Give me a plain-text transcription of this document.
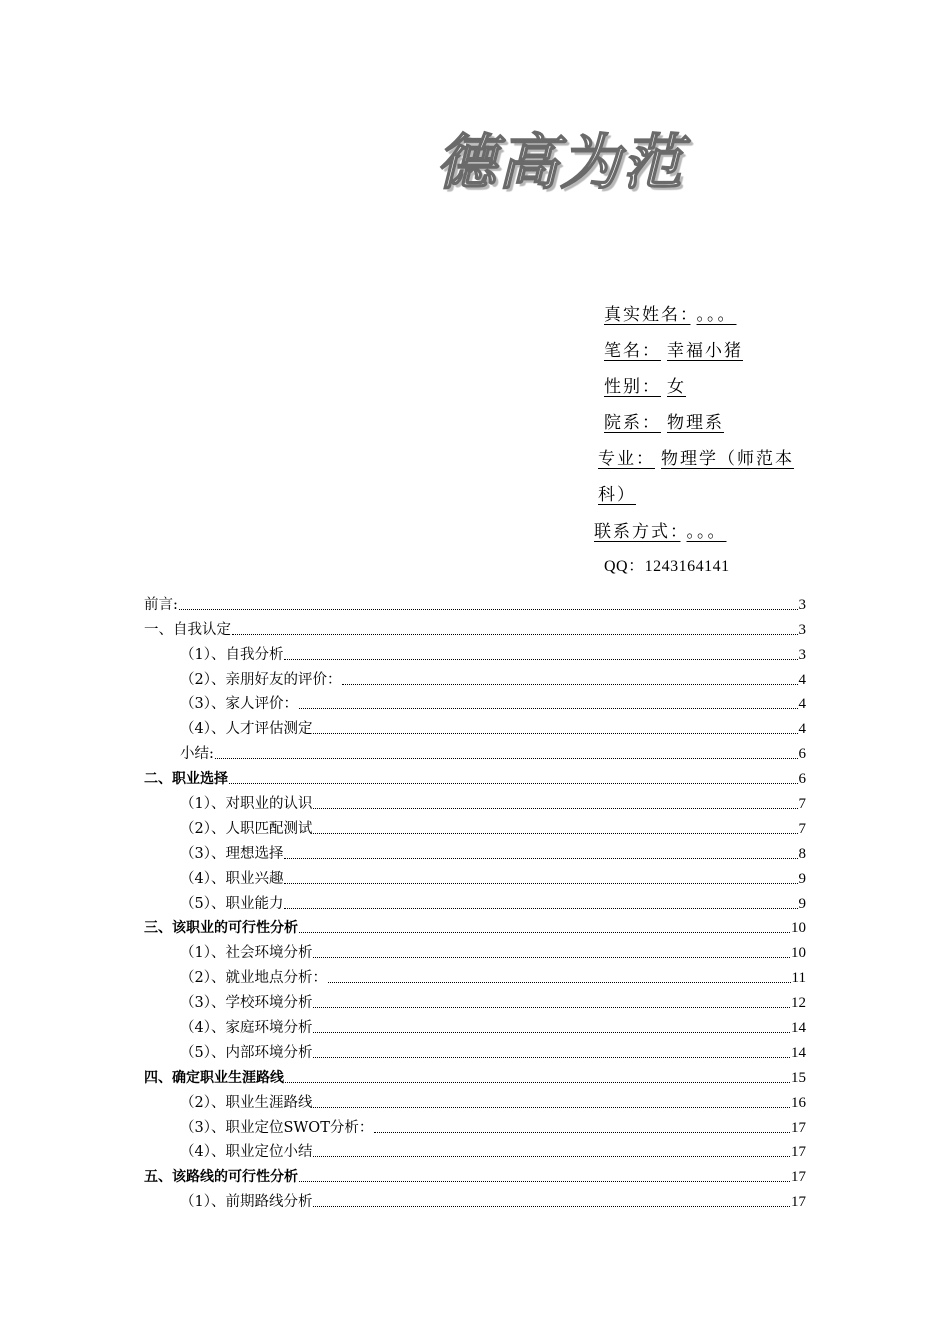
德高为范
真实姓名： 。。。
笔名： 幸福小猪
性别： 女
院系： 物理系
专业： 物理学（师范本
科）
联系方式： 。。。
QQ：1243164141
前言:	3
一、自我认定	3
（1）、自我分析	3
（2）、亲朋好友的评价：	4
（3）、家人评价：	4
（4）、人才评估测定	4
小结:	6
二、职业选择	6
（1）、对职业的认识	7
（2）、人职匹配测试	7
（3）、理想选择	8
（4）、职业兴趣	9
（5）、职业能力	9
三、该职业的可行性分析	10
（1）、社会环境分析	10
（2）、就业地点分析：	11
（3）、学校环境分析	12
（4）、家庭环境分析	14
（5）、内部环境分析	14
四、确定职业生涯路线	15
（2）、职业生涯路线	16
（3）、职业定位SWOT分析：	17
（4）、职业定位小结	17
五、该路线的可行性分析	17
（1）、前期路线分析	17
